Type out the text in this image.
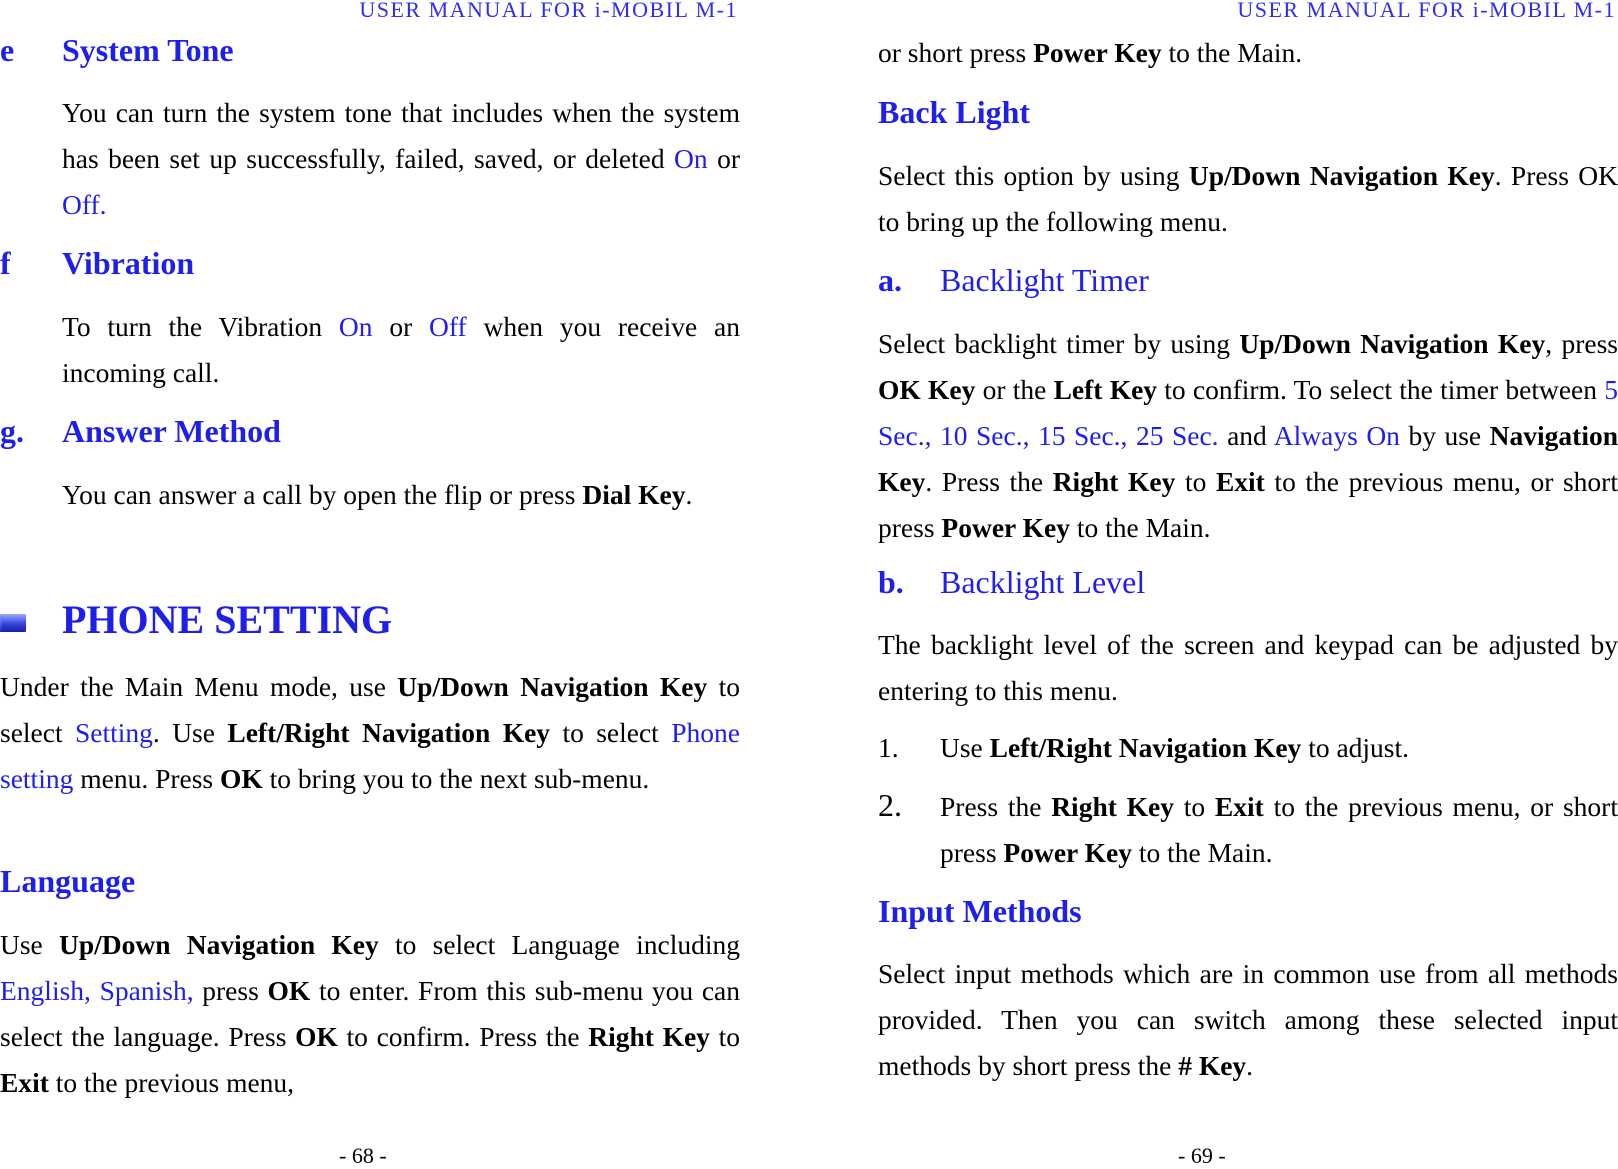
USER MANUAL FOR i-MOBIL M-1
e System Tone

You can turn the system tone that includes when the system has been set up successfully, failed, saved, or deleted On or Off.

f Vibration

To turn the Vibration On or Off when you receive an incoming call.

g. Answer Method

You can answer a call by open the flip or press Dial Key.

PHONE SETTING

Under the Main Menu mode, use Up/Down Navigation Key to select Setting. Use Left/Right Navigation Key to select Phone setting menu. Press OK to bring you to the next sub-menu.

Language

Use Up/Down Navigation Key to select Language including English, Spanish, press OK to enter. From this sub-menu you can select the language. Press OK to confirm. Press the Right Key to Exit to the previous menu,

- 68 -
USER MANUAL FOR i-MOBIL M-1

or short press Power Key to the Main.

Back Light

Select this option by using Up/Down Navigation Key. Press OK to bring up the following menu.

a. Backlight Timer

Select backlight timer by using Up/Down Navigation Key, press OK Key or the Left Key to confirm. To select the timer between 5 Sec., 10 Sec., 15 Sec., 25 Sec. and Always On by use Navigation Key. Press the Right Key to Exit to the previous menu, or short press Power Key to the Main.

b. Backlight Level

The backlight level of the screen and keypad can be adjusted by entering to this menu.

1. Use Left/Right Navigation Key to adjust.
2. Press the Right Key to Exit to the previous menu, or short press Power Key to the Main.
Input Methods

Select input methods which are in common use from all methods provided. Then you can switch among these selected input methods by short press the # Key.

- 69 -
